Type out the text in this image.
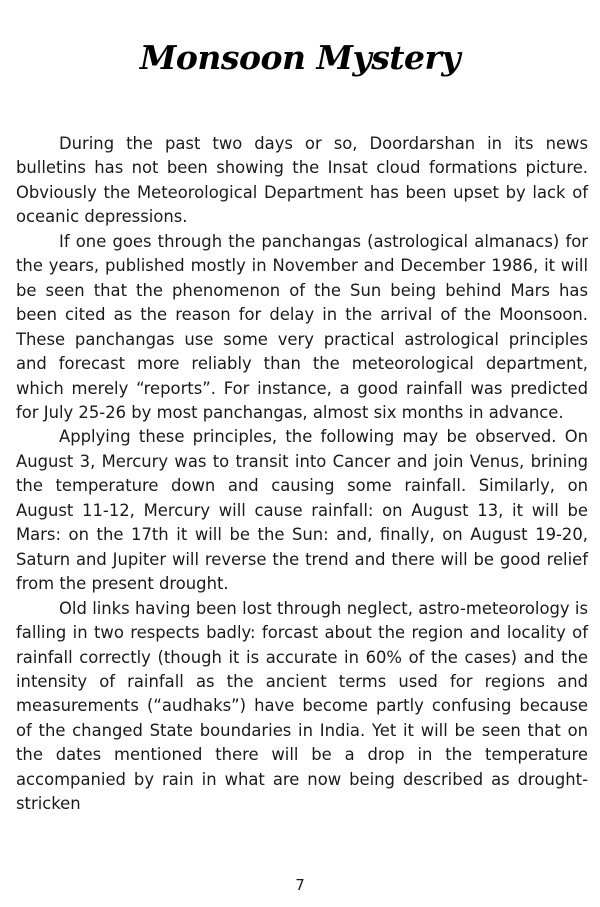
Monsoon Mystery

During the past two days or so, Doordarshan in its news bulletins has not been showing the Insat cloud formations picture. Obviously the Meteorological Department has been upset by lack of oceanic depressions.

If one goes through the panchangas (astrological almanacs) for the years, published mostly in November and December 1986, it will be seen that the phenomenon of the Sun being behind Mars has been cited as the reason for delay in the arrival of the Moonsoon. These panchangas use some very practical astrological principles and forecast more reliably than the meteorological department, which merely “reports”. For instance, a good rainfall was predicted for July 25-26 by most panchangas, almost six months in advance.

Applying these principles, the following may be observed. On August 3, Mercury was to transit into Cancer and join Venus, brining the temperature down and causing some rainfall. Similarly, on August 11-12, Mercury will cause rainfall: on August 13, it will be Mars: on the 17th it will be the Sun: and, finally, on August 19-20, Saturn and Jupiter will reverse the trend and there will be good relief from the present drought.

Old links having been lost through neglect, astro-meteorology is falling in two respects badly: forcast about the region and locality of rainfall correctly (though it is accurate in 60% of the cases) and the intensity of rainfall as the ancient terms used for regions and measurements (“audhaks”) have become partly confusing because of the changed State boundaries in India. Yet it will be seen that on the dates mentioned there will be a drop in the temperature accompanied by rain in what are now being described as drought-stricken

7
